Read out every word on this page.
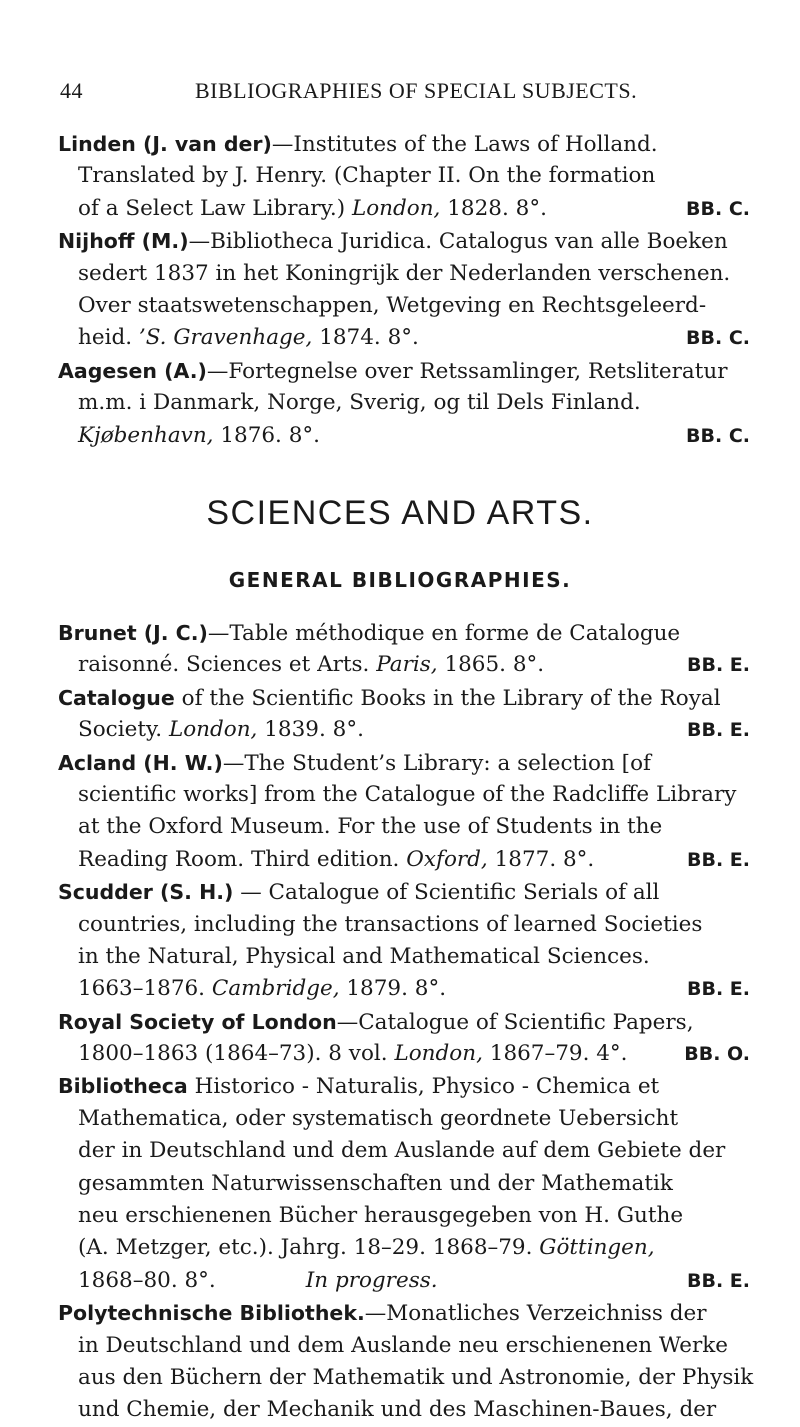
44	BIBLIOGRAPHIES OF SPECIAL SUBJECTS.
Linden (J. van der)—Institutes of the Laws of Holland.
Translated by J. Henry. (Chapter II. On the formation
of a Select Law Library.) London, 1828. 8°.	BB. C.
Nijhoff (M.)—Bibliotheca Juridica. Catalogus van alle Boeken
sedert 1837 in het Koningrijk der Nederlanden verschenen.
Over staatswetenschappen, Wetgeving en Rechtsgeleerd-
heid. ’S. Gravenhage, 1874. 8°.	BB. C.
Aagesen (A.)—Fortegnelse over Retssamlinger, Retsliteratur
m.m. i Danmark, Norge, Sverig, og til Dels Finland.
Kjøbenhavn, 1876. 8°.	BB. C.
SCIENCES AND ARTS.
GENERAL BIBLIOGRAPHIES.
Brunet (J. C.)—Table méthodique en forme de Catalogue
raisonné. Sciences et Arts. Paris, 1865. 8°.	BB. E.
Catalogue of the Scientific Books in the Library of the Royal
Society. London, 1839. 8°.	BB. E.
Acland (H. W.)—The Student’s Library: a selection [of
scientific works] from the Catalogue of the Radcliffe Library
at the Oxford Museum. For the use of Students in the
Reading Room. Third edition. Oxford, 1877. 8°.	BB. E.
Scudder (S. H.) — Catalogue of Scientific Serials of all
countries, including the transactions of learned Societies
in the Natural, Physical and Mathematical Sciences.
1663–1876. Cambridge, 1879. 8°.	BB. E.
Royal Society of London—Catalogue of Scientific Papers,
1800–1863 (1864–73). 8 vol. London, 1867–79. 4°.	BB. O.
Bibliotheca Historico - Naturalis, Physico - Chemica et
Mathematica, oder systematisch geordnete Uebersicht
der in Deutschland und dem Auslande auf dem Gebiete der
gesammten Naturwissenschaften und der Mathematik
neu erschienenen Bücher herausgegeben von H. Guthe
(A. Metzger, etc.). Jahrg. 18–29. 1868–79. Göttingen,
1868–80. 8°.	In progress.	BB. E.
Polytechnische Bibliothek.—Monatliches Verzeichniss der
in Deutschland und dem Auslande neu erschienenen Werke
aus den Büchern der Mathematik und Astronomie, der Physik
und Chemie, der Mechanik und des Maschinen-Baues, der
